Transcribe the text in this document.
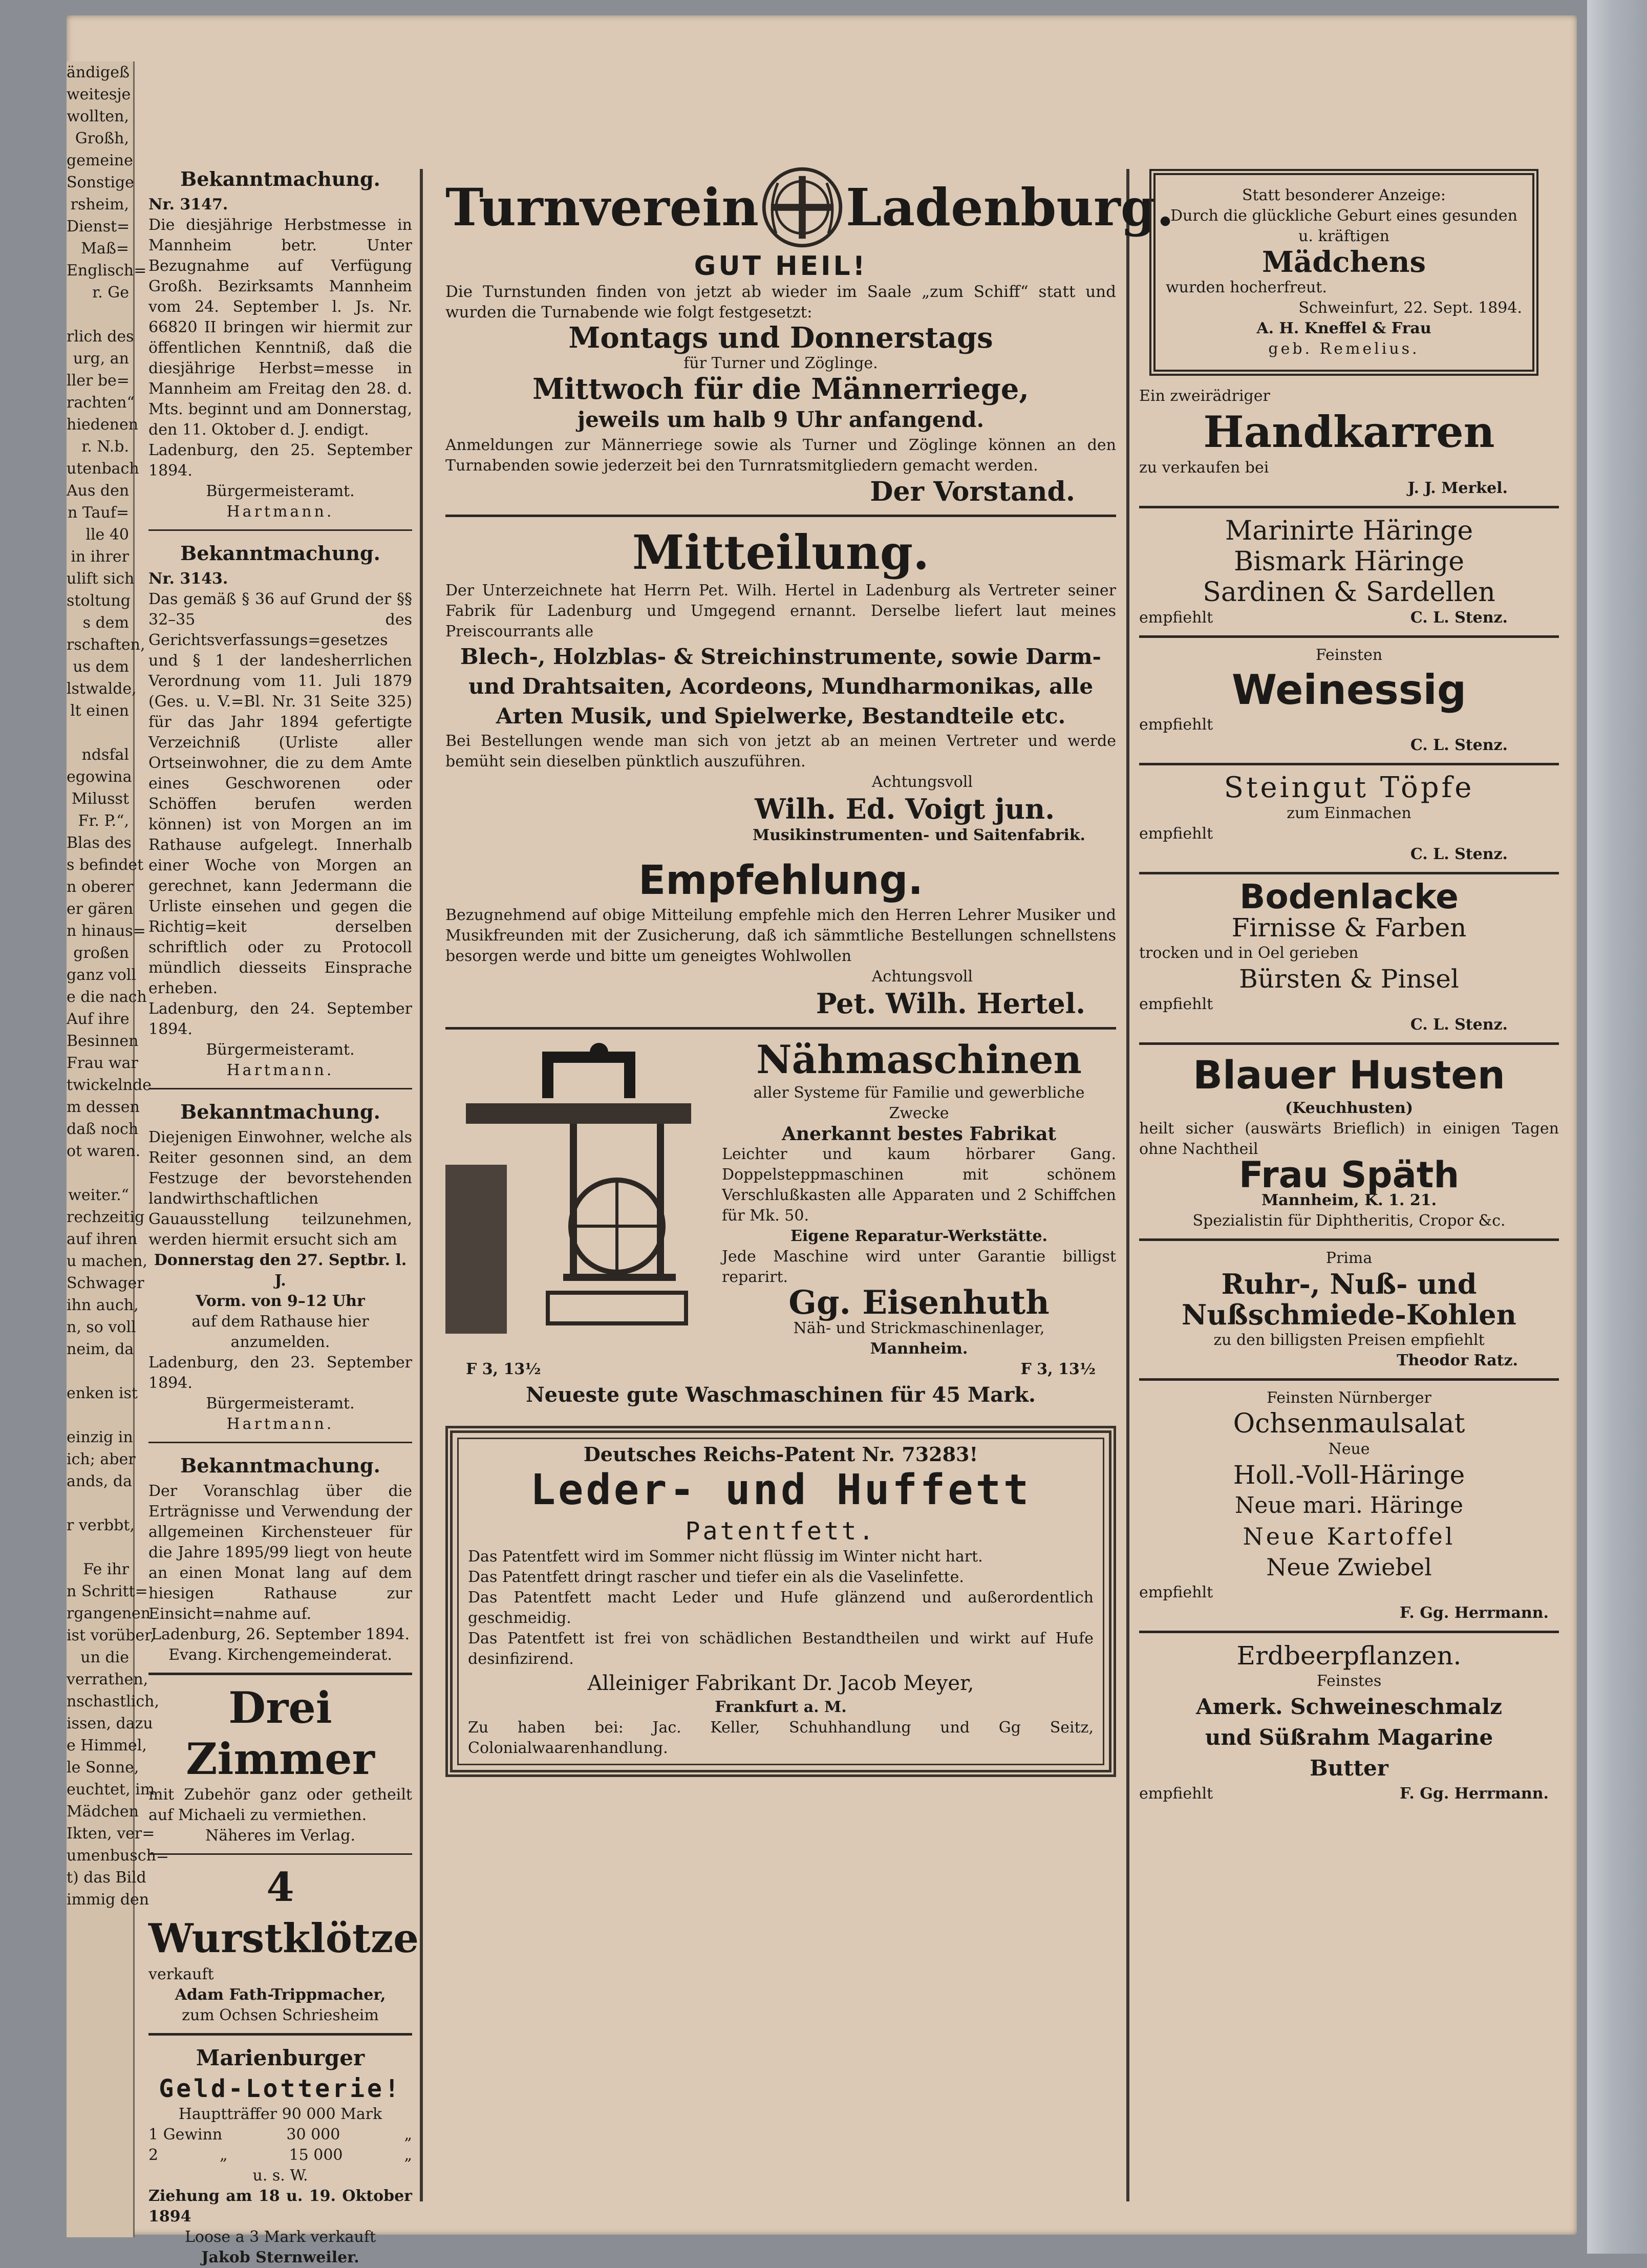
ändigeß
weitesje
wollten,
Großh,
gemeine
Sonstige
rsheim,
Dienst=
Maß=
Englisch=
r. Ge

rlich des
urg, an
ller be=
rachten“
hiedenen
r. N.b.
utenbach
Aus den
n Tauf=
lle 40
in ihrer
ulift sich
stoltung
s dem
rschaften,
us dem
lstwalde,
lt einen

ndsfal
egowina
Milusst
Fr. P.“,
Blas des
s befindet
n oberer
er gären
n hinaus=
großen
ganz voll
e die nach
Auf ihre
Besinnen
Frau war
twickelnde
m dessen
daß noch
ot waren.

weiter.“
rechzeitig
auf ihren
u machen,
Schwager
ihn auch,
n, so voll
neim, da

enken ist

einzig in
ich; aber
ands, da

r verbbt,

Fe ihr
n Schritt=
rgangenen
ist vorüber,
un die
verrathen,
nschastlich,
issen, dazu
e Himmel,
le Sonne,
euchtet, im
Mädchen
Ikten, ver=
umenbusch=
t) das Bild
immig den
Bekanntmachung.
Nr. 3147.
Die diesjährige Herbstmesse in Mannheim betr. Unter Bezugnahme auf Verfügung Großh. Bezirksamts Mannheim vom 24. September l. Js. Nr. 66820 II bringen wir hiermit zur öffentlichen Kenntniß, daß die diesjährige Herbst=messe in Mannheim am Freitag den 28. d. Mts. beginnt und am Donnerstag, den 11. Oktober d. J. endigt.
Ladenburg, den 25. September 1894.
Bürgermeisteramt.
Hartmann.
Bekanntmachung.
Nr. 3143.
Das gemäß § 36 auf Grund der §§ 32–35 des Gerichtsverfassungs=gesetzes und § 1 der landesherrlichen Verordnung vom 11. Juli 1879 (Ges. u. V.=Bl. Nr. 31 Seite 325) für das Jahr 1894 gefertigte Verzeichniß (Urliste aller Ortseinwohner, die zu dem Amte eines Geschworenen oder Schöffen berufen werden können) ist von Morgen an im Rathause aufgelegt. Innerhalb einer Woche von Morgen an gerechnet, kann Jedermann die Urliste einsehen und gegen die Richtig=keit derselben schriftlich oder zu Protocoll mündlich diesseits Einsprache erheben.
Ladenburg, den 24. September 1894.
Bürgermeisteramt.
Hartmann.
Bekanntmachung.
Diejenigen Einwohner, welche als Reiter gesonnen sind, an dem Festzuge der bevorstehenden landwirthschaftlichen Gauausstellung teilzunehmen, werden hiermit ersucht sich am
Donnerstag den 27. Septbr. l. J.
Vorm. von 9–12 Uhr
auf dem Rathause hier anzumelden.
Ladenburg, den 23. September 1894.
Bürgermeisteramt.
Hartmann.
Bekanntmachung.
Der Voranschlag über die Erträgnisse und Verwendung der allgemeinen Kirchensteuer für die Jahre 1895/99 liegt von heute an einen Monat lang auf dem hiesigen Rathause zur Einsicht=nahme auf.
Ladenburg, 26. September 1894.
Evang. Kirchengemeinderat.
Drei Zimmer
mit Zubehör ganz oder getheilt auf Michaeli zu vermiethen.
Näheres im Verlag.
4 Wurstklötze
verkauft
Adam Fath-Trippmacher,
zum Ochsen Schriesheim
Marienburger
Geld-Lotterie!
Hauptträffer 90 000 Mark
1 Gewinn	30 000	„
2	„	15 000	„
u. s. W.
Ziehung am 18 u. 19. Oktober 1894
Loose a 3 Mark verkauft
Jakob Sternweiler.
Turnverein Ladenburg.
GUT HEIL!
Die Turnstunden finden von jetzt ab wieder im Saale „zum Schiff“ statt und wurden die Turnabende wie folgt festgesetzt:
Montags und Donnerstags
für Turner und Zöglinge.
Mittwoch für die Männerriege,
jeweils um halb 9 Uhr anfangend.
Anmeldungen zur Männerriege sowie als Turner und Zöglinge können an den Turnabenden sowie jederzeit bei den Turnratsmitgliedern gemacht werden.
Der Vorstand.
Mitteilung.
Der Unterzeichnete hat Herrn Pet. Wilh. Hertel in Ladenburg als Vertreter seiner Fabrik für Ladenburg und Umgegend ernannt. Derselbe liefert laut meines Preiscourrants alle
Blech-, Holzblas- & Streichinstrumente, sowie Darm- und Drahtsaiten, Acordeons, Mundharmonikas, alle Arten Musik, und Spielwerke, Bestandteile etc.
Bei Bestellungen wende man sich von jetzt ab an meinen Vertreter und werde bemüht sein dieselben pünktlich auszuführen.
Achtungsvoll
Wilh. Ed. Voigt jun.
Musikinstrumenten- und Saitenfabrik.
Empfehlung.
Bezugnehmend auf obige Mitteilung empfehle mich den Herren Lehrer Musiker und Musikfreunden mit der Zusicherung, daß ich sämmtliche Bestellungen schnellstens besorgen werde und bitte um geneigtes Wohlwollen
Achtungsvoll
Pet. Wilh. Hertel.
Nähmaschinen
aller Systeme für Familie und gewerbliche Zwecke
Anerkannt bestes Fabrikat
Leichter und kaum hörbarer Gang. Doppelsteppmaschinen mit schönem Verschlußkasten alle Apparaten und 2 Schiffchen für Mk. 50.
Eigene Reparatur-Werkstätte.
Jede Maschine wird unter Garantie billigst reparirt.
Gg. Eisenhuth
Näh- und Strickmaschinenlager,
Mannheim.
F 3, 13½	F 3, 13½
Neueste gute Waschmaschinen für 45 Mark.
Deutsches Reichs-Patent Nr. 73283!
Leder- und Huffett
Patentfett.
Das Patentfett wird im Sommer nicht flüssig im Winter nicht hart.
Das Patentfett dringt rascher und tiefer ein als die Vaselinfette.
Das Patentfett macht Leder und Hufe glänzend und außerordentlich geschmeidig.
Das Patentfett ist frei von schädlichen Bestandtheilen und wirkt auf Hufe desinfizirend.
Alleiniger Fabrikant Dr. Jacob Meyer,
Frankfurt a. M.
Zu haben bei: Jac. Keller, Schuhhandlung und Gg Seitz, Colonialwaarenhandlung.
Statt besonderer Anzeige:
Durch die glückliche Geburt eines gesunden u. kräftigen
Mädchens
wurden hocherfreut.
Schweinfurt, 22. Sept. 1894.
A. H. Kneffel & Frau
geb. Remelius.
Ein zweirädriger
Handkarren
zu verkaufen bei
J. J. Merkel.
Marinirte Häringe
Bismark Häringe
Sardinen & Sardellen
empfiehlt	C. L. Stenz.
Feinsten
Weinessig
empfiehlt
C. L. Stenz.
Steingut Töpfe
zum Einmachen
empfiehlt
C. L. Stenz.
Bodenlacke
Firnisse & Farben
trocken und in Oel gerieben
Bürsten & Pinsel
empfiehlt
C. L. Stenz.
Blauer Husten
(Keuchhusten)
heilt sicher (auswärts Brieflich) in einigen Tagen ohne Nachtheil
Frau Späth
Mannheim, K. 1. 21.
Spezialistin für Diphtheritis, Cropor &c.
Prima
Ruhr-, Nuß- und
Nußschmiede-Kohlen
zu den billigsten Preisen empfiehlt
Theodor Ratz.
Feinsten Nürnberger
Ochsenmaulsalat
Neue
Holl.-Voll-Häringe
Neue mari. Häringe
Neue Kartoffel
Neue Zwiebel
empfiehlt
F. Gg. Herrmann.
Erdbeerpflanzen.
Feinstes
Amerk. Schweineschmalz
und Süßrahm Magarine
Butter
empfiehlt	F. Gg. Herrmann.
